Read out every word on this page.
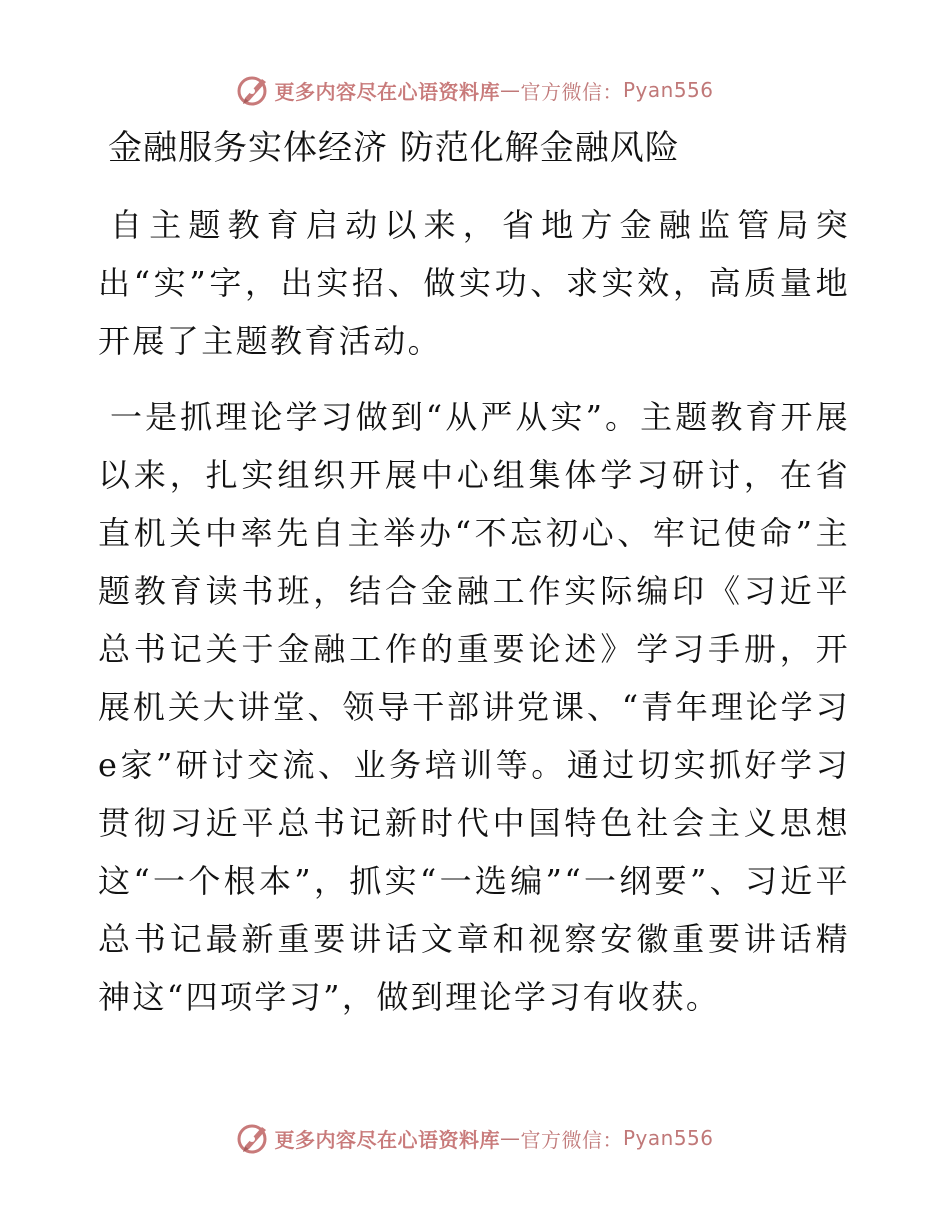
更多内容尽在心语资料库 — 官方微信： Pyan556
金融服务实体经济 防范化解金融风险

自主题教育启动以来，省地方金融监管局突出“实”字，出实招、做实功、求实效，高质量地开展了主题教育活动。

一是抓理论学习做到“从严从实”。主题教育开展以来，扎实组织开展中心组集体学习研讨，在省直机关中率先自主举办“不忘初心、牢记使命”主题教育读书班，结合金融工作实际编印《习近平总书记关于金融工作的重要论述》学习手册，开展机关大讲堂、领导干部讲党课、“青年理论学习e家”研讨交流、业务培训等。通过切实抓好学习贯彻习近平总书记新时代中国特色社会主义思想这“一个根本”，抓实“一选编”“一纲要”、习近平总书记最新重要讲话文章和视察安徽重要讲话精神这“四项学习”，做到理论学习有收获。

更多内容尽在心语资料库 — 官方微信： Pyan556
